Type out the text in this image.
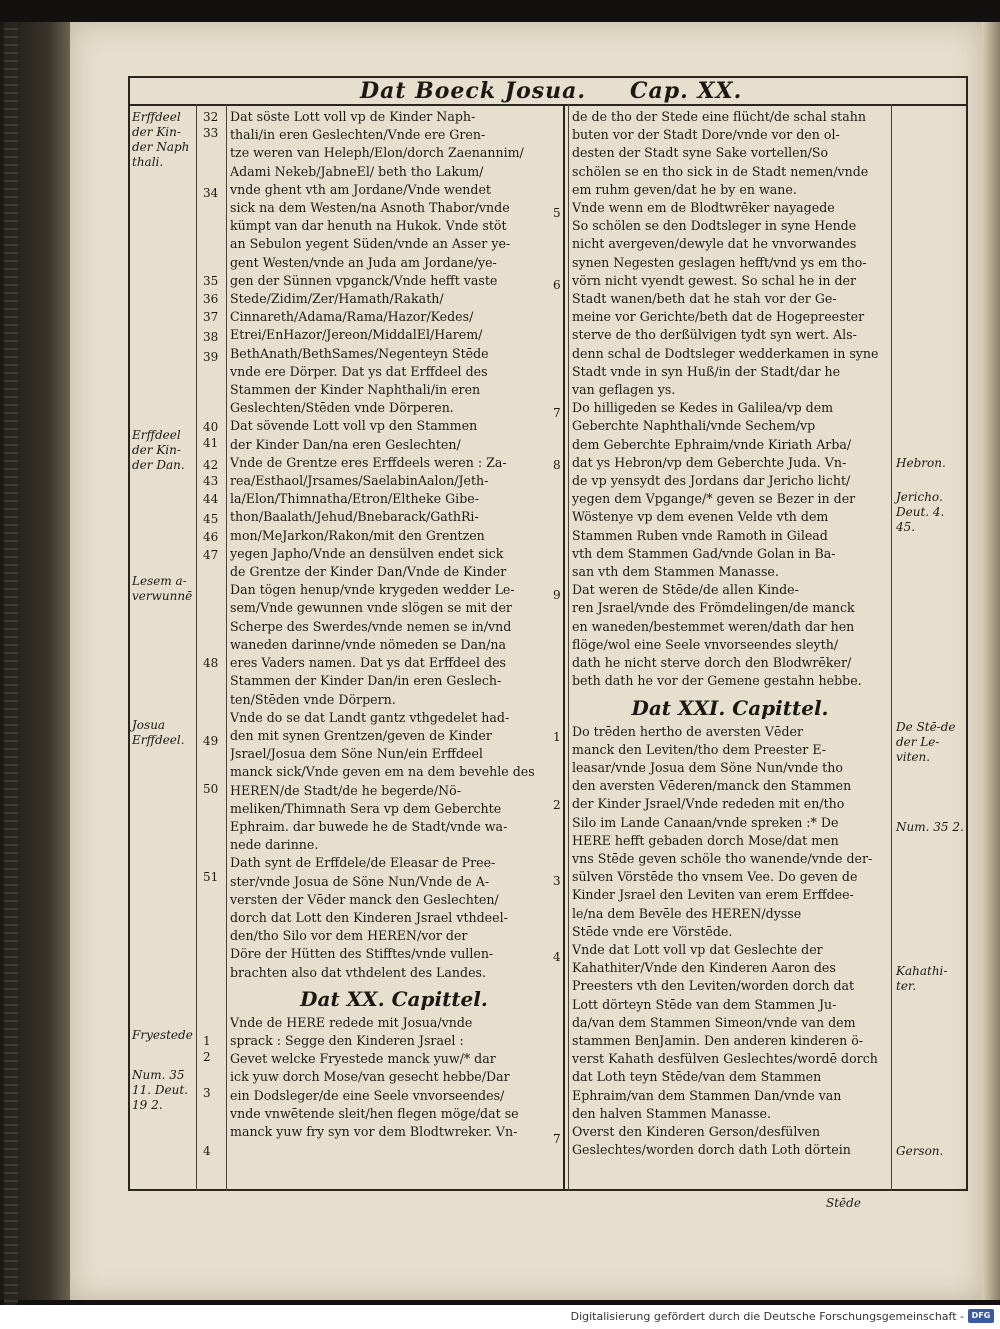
Dat Boeck Josua. Cap. XX.
Erffdeel der Kin-der Naph thali.
Erffdeel der Kin-der Dan.
Lesem a-verwunnē
Josua Erffdeel.
Fryestede
Num. 35 11. Deut. 19 2.
Hebron.
Jericho. Deut. 4. 45.
De Stē-de der Le-viten.
Num. 35 2.
Kahathi-ter.
Gerson.
32
33
34
35
36
37
38
39
40
41
42
43
44
45
46
47
48
49
50
51
1
2
3
4
5
6
7
8
9
1
2
3
4
7

Dat söste Lott voll vp de Kinder Naph-

thali/in eren Geslechten/Vnde ere Gren-

tze weren van Heleph/Elon/dorch Zaenannim/

Adami Nekeb/JabneEl/ beth tho Lakum/

vnde ghent vth am Jordane/Vnde wendet

sick na dem Westen/na Asnoth Thabor/vnde

kümpt van dar henuth na Hukok. Vnde stöt

an Sebulon yegent Süden/vnde an Asser ye-

gent Westen/vnde an Juda am Jordane/ye-

gen der Sünnen vpganck/Vnde hefft vaste

Stede/Zidim/Zer/Hamath/Rakath/

Cinnareth/Adama/Rama/Hazor/Kedes/

Etrei/EnHazor/Jereon/MiddalEl/Harem/

BethAnath/BethSames/Negenteyn Stēde

vnde ere Dörper. Dat ys dat Erffdeel des

Stammen der Kinder Naphthali/in eren

Geslechten/Stēden vnde Dörperen.

Dat sövende Lott voll vp den Stammen

der Kinder Dan/na eren Geslechten/

Vnde de Grentze eres Erffdeels weren : Za-

rea/Esthaol/Jrsames/SaelabinAalon/Jeth-

la/Elon/Thimnatha/Etron/Eltheke Gibe-

thon/Baalath/Jehud/Bnebarack/GathRi-

mon/MeJarkon/Rakon/mit den Grentzen

yegen Japho/Vnde an densülven endet sick

de Grentze der Kinder Dan/Vnde de Kinder

Dan tögen henup/vnde krygeden wedder Le-

sem/Vnde gewunnen vnde slögen se mit der

Scherpe des Swerdes/vnde nemen se in/vnd

waneden darinne/vnde nömeden se Dan/na

eres Vaders namen. Dat ys dat Erffdeel des

Stammen der Kinder Dan/in eren Geslech-

ten/Stēden vnde Dörpern.

Vnde do se dat Landt gantz vthgedelet had-

den mit synen Grentzen/geven de Kinder

Jsrael/Josua dem Söne Nun/ein Erffdeel

manck sick/Vnde geven em na dem bevehle des

HEREN/de Stadt/de he begerde/Nö-

meliken/Thimnath Sera vp dem Geberchte

Ephraim. dar buwede he de Stadt/vnde wa-

nede darinne.

Dath synt de Erffdele/de Eleasar de Pree-

ster/vnde Josua de Söne Nun/Vnde de A-

versten der Vēder manck den Geslechten/

dorch dat Lott den Kinderen Jsrael vthdeel-

den/tho Silo vor dem HEREN/vor der

Döre der Hütten des Stifftes/vnde vullen-

brachten also dat vthdelent des Landes.

Dat XX. Capittel.

Vnde de HERE redede mit Josua/vnde

sprack : Segge den Kinderen Jsrael :

Gevet welcke Fryestede manck yuw/* dar

ick yuw dorch Mose/van gesecht hebbe/Dar

ein Dodsleger/de eine Seele vnvorseendes/

vnde vnwētende sleit/hen flegen möge/dat se

manck yuw fry syn vor dem Blodtwreker. Vn-

de de tho der Stede eine flücht/de schal stahn

buten vor der Stadt Dore/vnde vor den ol-

desten der Stadt syne Sake vortellen/So

schölen se en tho sick in de Stadt nemen/vnde

em ruhm geven/dat he by en wane.

Vnde wenn em de Blodtwrēker nayagede

So schölen se den Dodtsleger in syne Hende

nicht avergeven/dewyle dat he vnvorwandes

synen Negesten geslagen hefft/vnd ys em tho-

vörn nicht vyendt gewest. So schal he in der

Stadt wanen/beth dat he stah vor der Ge-

meine vor Gerichte/beth dat de Hogepreester

sterve de tho derßülvigen tydt syn wert. Als-

denn schal de Dodtsleger wedderkamen in syne

Stadt vnde in syn Huß/in der Stadt/dar he

van geflagen ys.

Do hilligeden se Kedes in Galilea/vp dem

Geberchte Naphthali/vnde Sechem/vp

dem Geberchte Ephraim/vnde Kiriath Arba/

dat ys Hebron/vp dem Geberchte Juda. Vn-

de vp yensydt des Jordans dar Jericho licht/

yegen dem Vpgange/* geven se Bezer in der

Wöstenye vp dem evenen Velde vth dem

Stammen Ruben vnde Ramoth in Gilead

vth dem Stammen Gad/vnde Golan in Ba-

san vth dem Stammen Manasse.

Dat weren de Stēde/de allen Kinde-

ren Jsrael/vnde des Frömdelingen/de manck

en waneden/bestemmet weren/dath dar hen

flöge/wol eine Seele vnvorseendes sleyth/

dath he nicht sterve dorch den Blodwrēker/

beth dath he vor der Gemene gestahn hebbe.

Dat XXI. Capittel.

Do trēden hertho de aversten Vēder

manck den Leviten/tho dem Preester E-

leasar/vnde Josua dem Söne Nun/vnde tho

den aversten Vēderen/manck den Stammen

der Kinder Jsrael/Vnde rededen mit en/tho

Silo im Lande Canaan/vnde spreken :* De

HERE hefft gebaden dorch Mose/dat men

vns Stēde geven schöle tho wanende/vnde der-

sülven Vörstēde tho vnsem Vee. Do geven de

Kinder Jsrael den Leviten van erem Erffdee-

le/na dem Bevēle des HEREN/dysse

Stēde vnde ere Vörstēde.

Vnde dat Lott voll vp dat Geslechte der

Kahathiter/Vnde den Kinderen Aaron des

Preesters vth den Leviten/worden dorch dat

Lott dörteyn Stēde van dem Stammen Ju-

da/van dem Stammen Simeon/vnde van dem

stammen BenJamin. Den anderen kinderen ö-

verst Kahath desfülven Geslechtes/wordē dorch

dat Loth teyn Stēde/van dem Stammen

Ephraim/van dem Stammen Dan/vnde van

den halven Stammen Manasse.

Overst den Kinderen Gerson/desfülven

Geslechtes/worden dorch dath Loth dörtein

Stēde
Digitalisierung gefördert durch die Deutsche Forschungsgemeinschaft - DFG
